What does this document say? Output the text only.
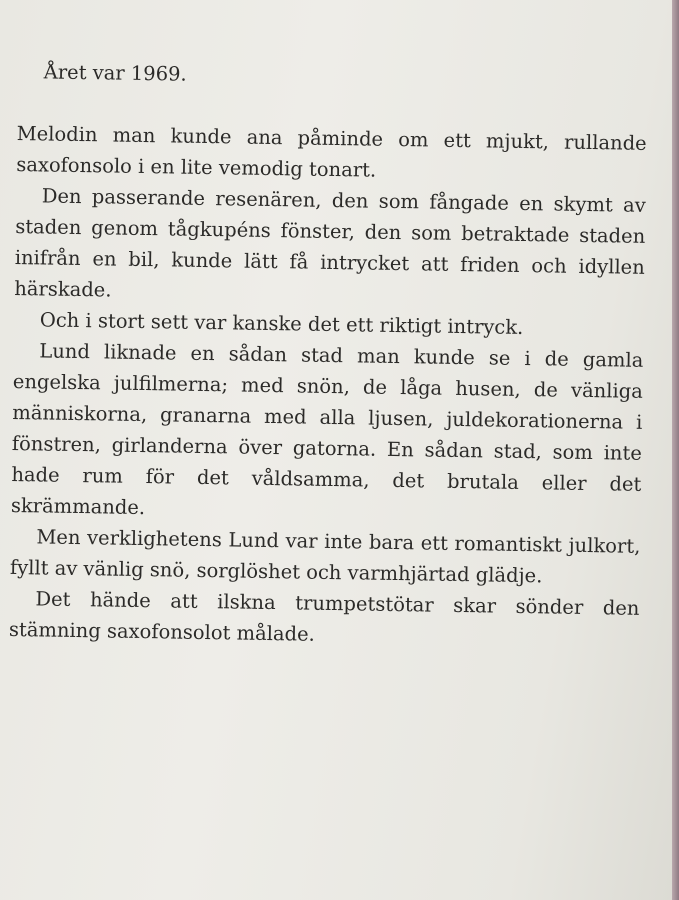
Året var 1969.

Melodin man kunde ana påminde om ett mjukt, rullande saxofonsolo i en lite vemodig tonart.

Den passerande resenären, den som fångade en skymt av staden genom tågkupéns fönster, den som betraktade staden inifrån en bil, kunde lätt få intrycket att friden och idyllen härskade.

Och i stort sett var kanske det ett riktigt intryck.

Lund liknade en sådan stad man kunde se i de gamla engelska julfilmerna; med snön, de låga husen, de vänliga människorna, granarna med alla ljusen, juldekorationerna i fönstren, girlanderna över gatorna. En sådan stad, som inte hade rum för det våldsamma, det brutala eller det skrämmande.

Men verklighetens Lund var inte bara ett romantiskt julkort, fyllt av vänlig snö, sorglöshet och varmhjärtad glädje.

Det hände att ilskna trumpetstötar skar sönder den stämning saxofonsolot målade.
